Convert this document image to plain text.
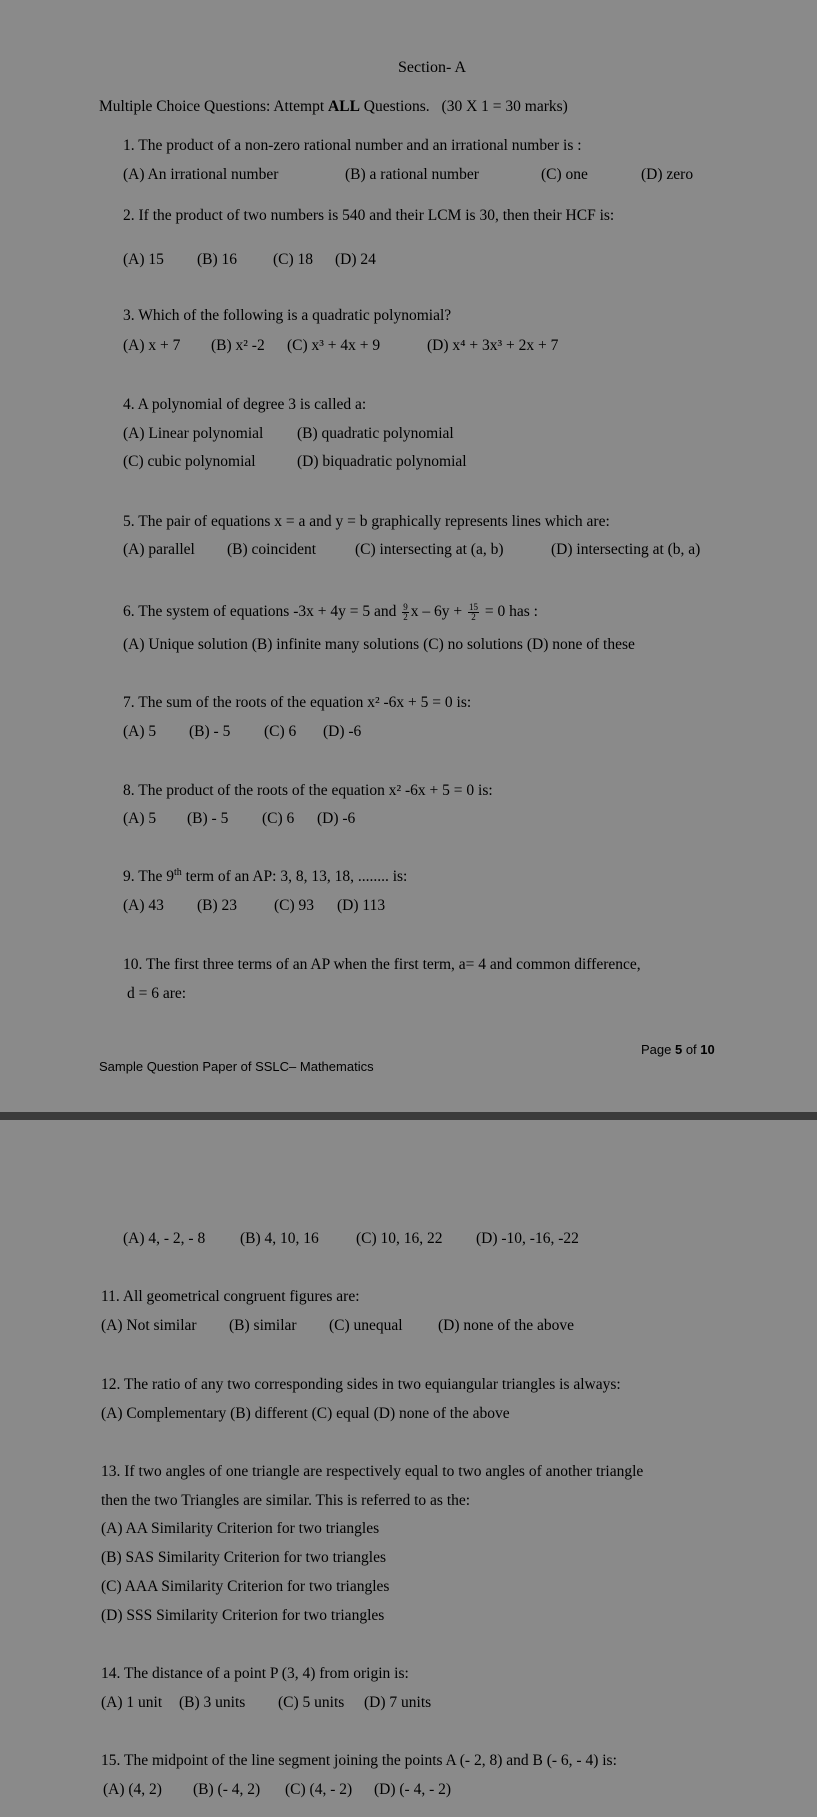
Section- A
Multiple Choice Questions: Attempt ALL Questions. (30 X 1 = 30 marks)
1. The product of a non-zero rational number and an irrational number is :
(A) An irrational number	(B) a rational number	(C) one	(D) zero
2. If the product of two numbers is 540 and their LCM is 30, then their HCF is:
(A) 15 (B) 16 (C) 18 (D) 24
3. Which of the following is a quadratic polynomial?
(A) x + 7 (B) x² -2 (C) x³ + 4x + 9	(D) x⁴ + 3x³ + 2x + 7
4. A polynomial of degree 3 is called a:
(A) Linear polynomial (B) quadratic polynomial
(C) cubic polynomial	(D) biquadratic polynomial
5. The pair of equations x = a and y = b graphically represents lines which are:
(A) parallel (B) coincident	(C) intersecting at (a, b)	(D) intersecting at (b, a)
6. The system of equations -3x + 4y = 5 and $\frac{9}{2}$ $x - 6y + \frac{15}{2} = 0$ has :
(A) Unique solution (B) infinite many solutions (C) no solutions (D) none of these
7. The sum of the roots of the equation x² -6x + 5 = 0 is:
(A) 5 (B) - 5 (C) 6 (D) -6
8. The product of the roots of the equation x² -6x + 5 = 0 is:
(A) 5 (B) - 5 (C) 6 (D) -6
9. The 9th term of an AP: 3, 8, 13, 18, ........ is:
(A) 43 (B) 23 (C) 93 (D) 113
10. The first three terms of an AP when the first term, a= 4 and common difference,
d = 6 are:
Page 5 of 10
Sample Question Paper of SSLC– Mathematics
(A) 4, - 2, - 8 (B) 4, 10, 16 (C) 10, 16, 22 (D) -10, -16, -22
11. All geometrical congruent figures are:
(A) Not similar (B) similar (C) unequal (D) none of the above
12. The ratio of any two corresponding sides in two equiangular triangles is always:
(A) Complementary (B) different (C) equal (D) none of the above
13. If two angles of one triangle are respectively equal to two angles of another triangle
then the two Triangles are similar. This is referred to as the:
(A) AA Similarity Criterion for two triangles
(B) SAS Similarity Criterion for two triangles
(C) AAA Similarity Criterion for two triangles
(D) SSS Similarity Criterion for two triangles
14. The distance of a point P (3, 4) from origin is:
(A) 1 unit (B) 3 units (C) 5 units (D) 7 units
15. The midpoint of the line segment joining the points A (- 2, 8) and B (- 6, - 4) is:
(A) (4, 2) (B) (- 4, 2) (C) (4, - 2) (D) (- 4, - 2)
